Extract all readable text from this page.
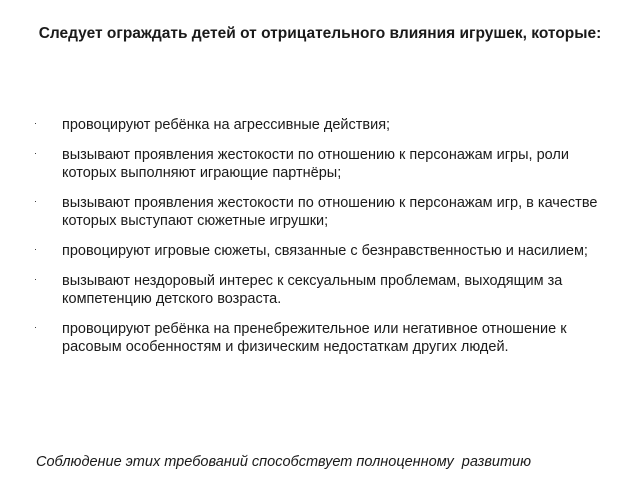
Следует ограждать детей от отрицательного влияния игрушек, которые:
· провоцируют ребёнка на агрессивные действия;
· вызывают проявления жестокости по отношению к персонажам игры, роли которых выполняют играющие партнёры;
· вызывают проявления жестокости по отношению к персонажам игр, в качестве которых выступают сюжетные игрушки;
· провоцируют игровые сюжеты, связанные с безнравственностью и насилием;
· вызывают нездоровый интерес к сексуальным проблемам, выходящим за компетенцию детского возраста.
· провоцируют ребёнка на пренебрежительное или негативное отношение к расовым особенностям и физическим недостаткам других людей.

Соблюдение этих требований способствует полноценному  развитию
